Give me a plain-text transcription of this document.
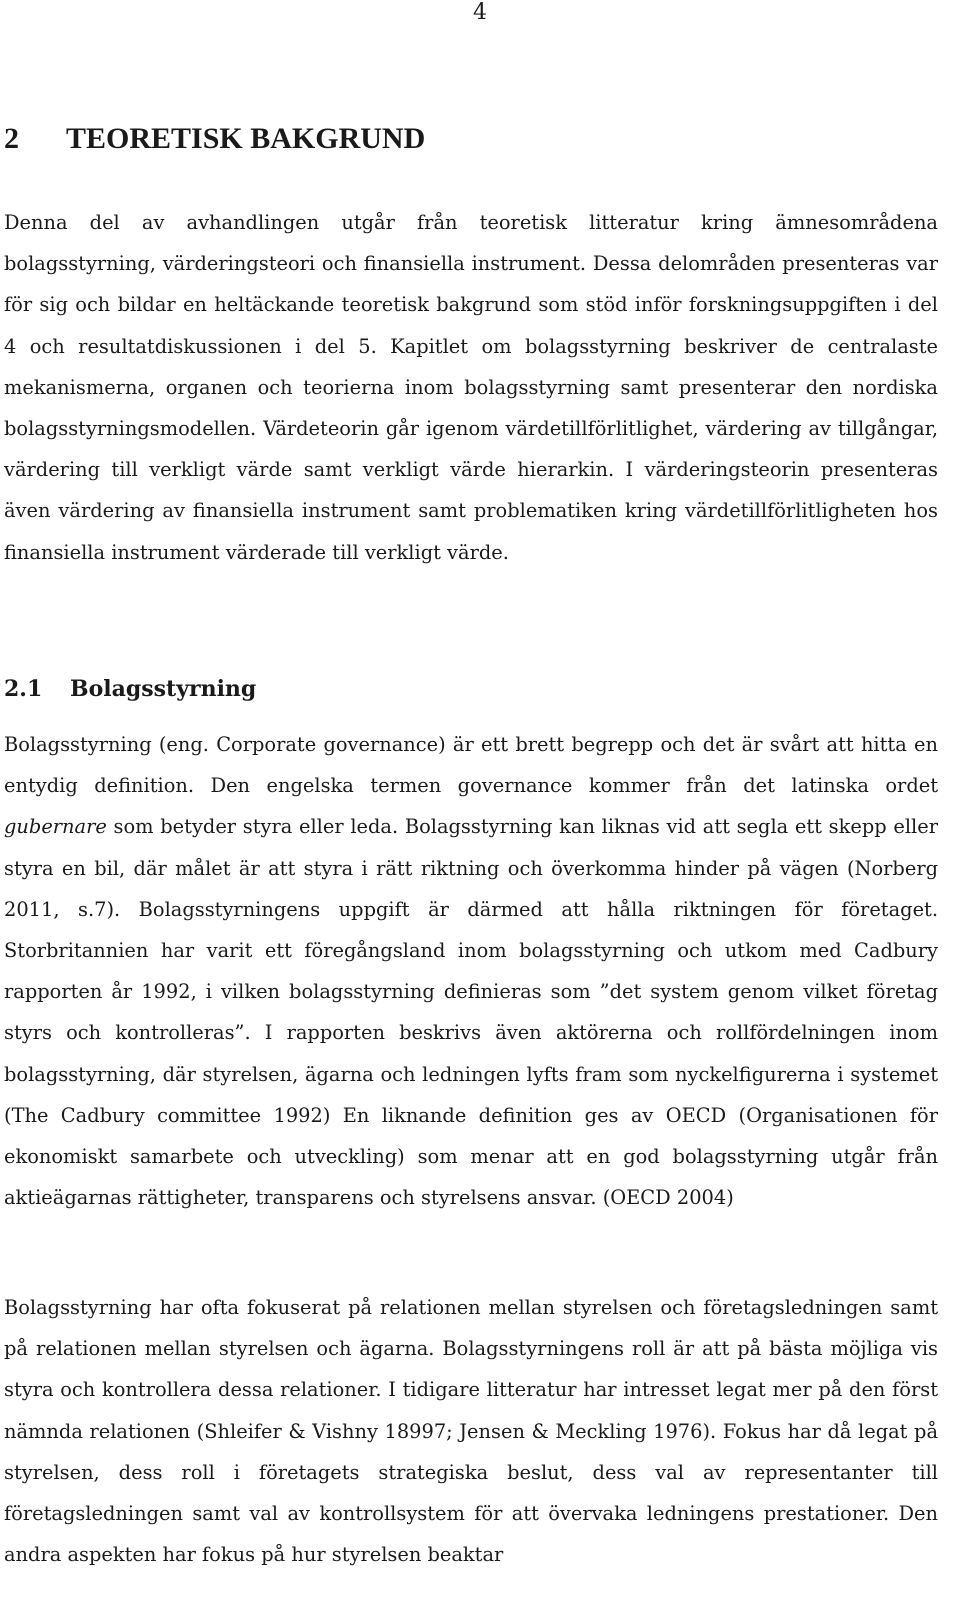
4
2 TEORETISK BAKGRUND

Denna del av avhandlingen utgår från teoretisk litteratur kring ämnesområdena bolagsstyrning, värderingsteori och finansiella instrument. Dessa delområden presenteras var för sig och bildar en heltäckande teoretisk bakgrund som stöd inför forskningsuppgiften i del 4 och resultatdiskussionen i del 5. Kapitlet om bolagsstyrning beskriver de centralaste mekanismerna, organen och teorierna inom bolagsstyrning samt presenterar den nordiska bolagsstyrningsmodellen. Värdeteorin går igenom värdetillförlitlighet, värdering av tillgångar, värdering till verkligt värde samt verkligt värde hierarkin. I värderingsteorin presenteras även värdering av finansiella instrument samt problematiken kring värdetillförlitligheten hos finansiella instrument värderade till verkligt värde.

2.1 Bolagsstyrning

Bolagsstyrning (eng. Corporate governance) är ett brett begrepp och det är svårt att hitta en entydig definition. Den engelska termen governance kommer från det latinska ordet gubernare som betyder styra eller leda. Bolagsstyrning kan liknas vid att segla ett skepp eller styra en bil, där målet är att styra i rätt riktning och överkomma hinder på vägen (Norberg 2011, s.7). Bolagsstyrningens uppgift är därmed att hålla riktningen för företaget. Storbritannien har varit ett föregångsland inom bolagsstyrning och utkom med Cadbury rapporten år 1992, i vilken bolagsstyrning definieras som ”det system genom vilket företag styrs och kontrolleras”. I rapporten beskrivs även aktörerna och rollfördelningen inom bolagsstyrning, där styrelsen, ägarna och ledningen lyfts fram som nyckelfigurerna i systemet (The Cadbury committee 1992) En liknande definition ges av OECD (Organisationen för ekonomiskt samarbete och utveckling) som menar att en god bolagsstyrning utgår från aktieägarnas rättigheter, transparens och styrelsens ansvar. (OECD 2004)

Bolagsstyrning har ofta fokuserat på relationen mellan styrelsen och företagsledningen samt på relationen mellan styrelsen och ägarna. Bolagsstyrningens roll är att på bästa möjliga vis styra och kontrollera dessa relationer. I tidigare litteratur har intresset legat mer på den först nämnda relationen (Shleifer & Vishny 18997; Jensen & Meckling 1976). Fokus har då legat på styrelsen, dess roll i företagets strategiska beslut, dess val av representanter till företagsledningen samt val av kontrollsystem för att övervaka ledningens prestationer. Den andra aspekten har fokus på hur styrelsen beaktar
